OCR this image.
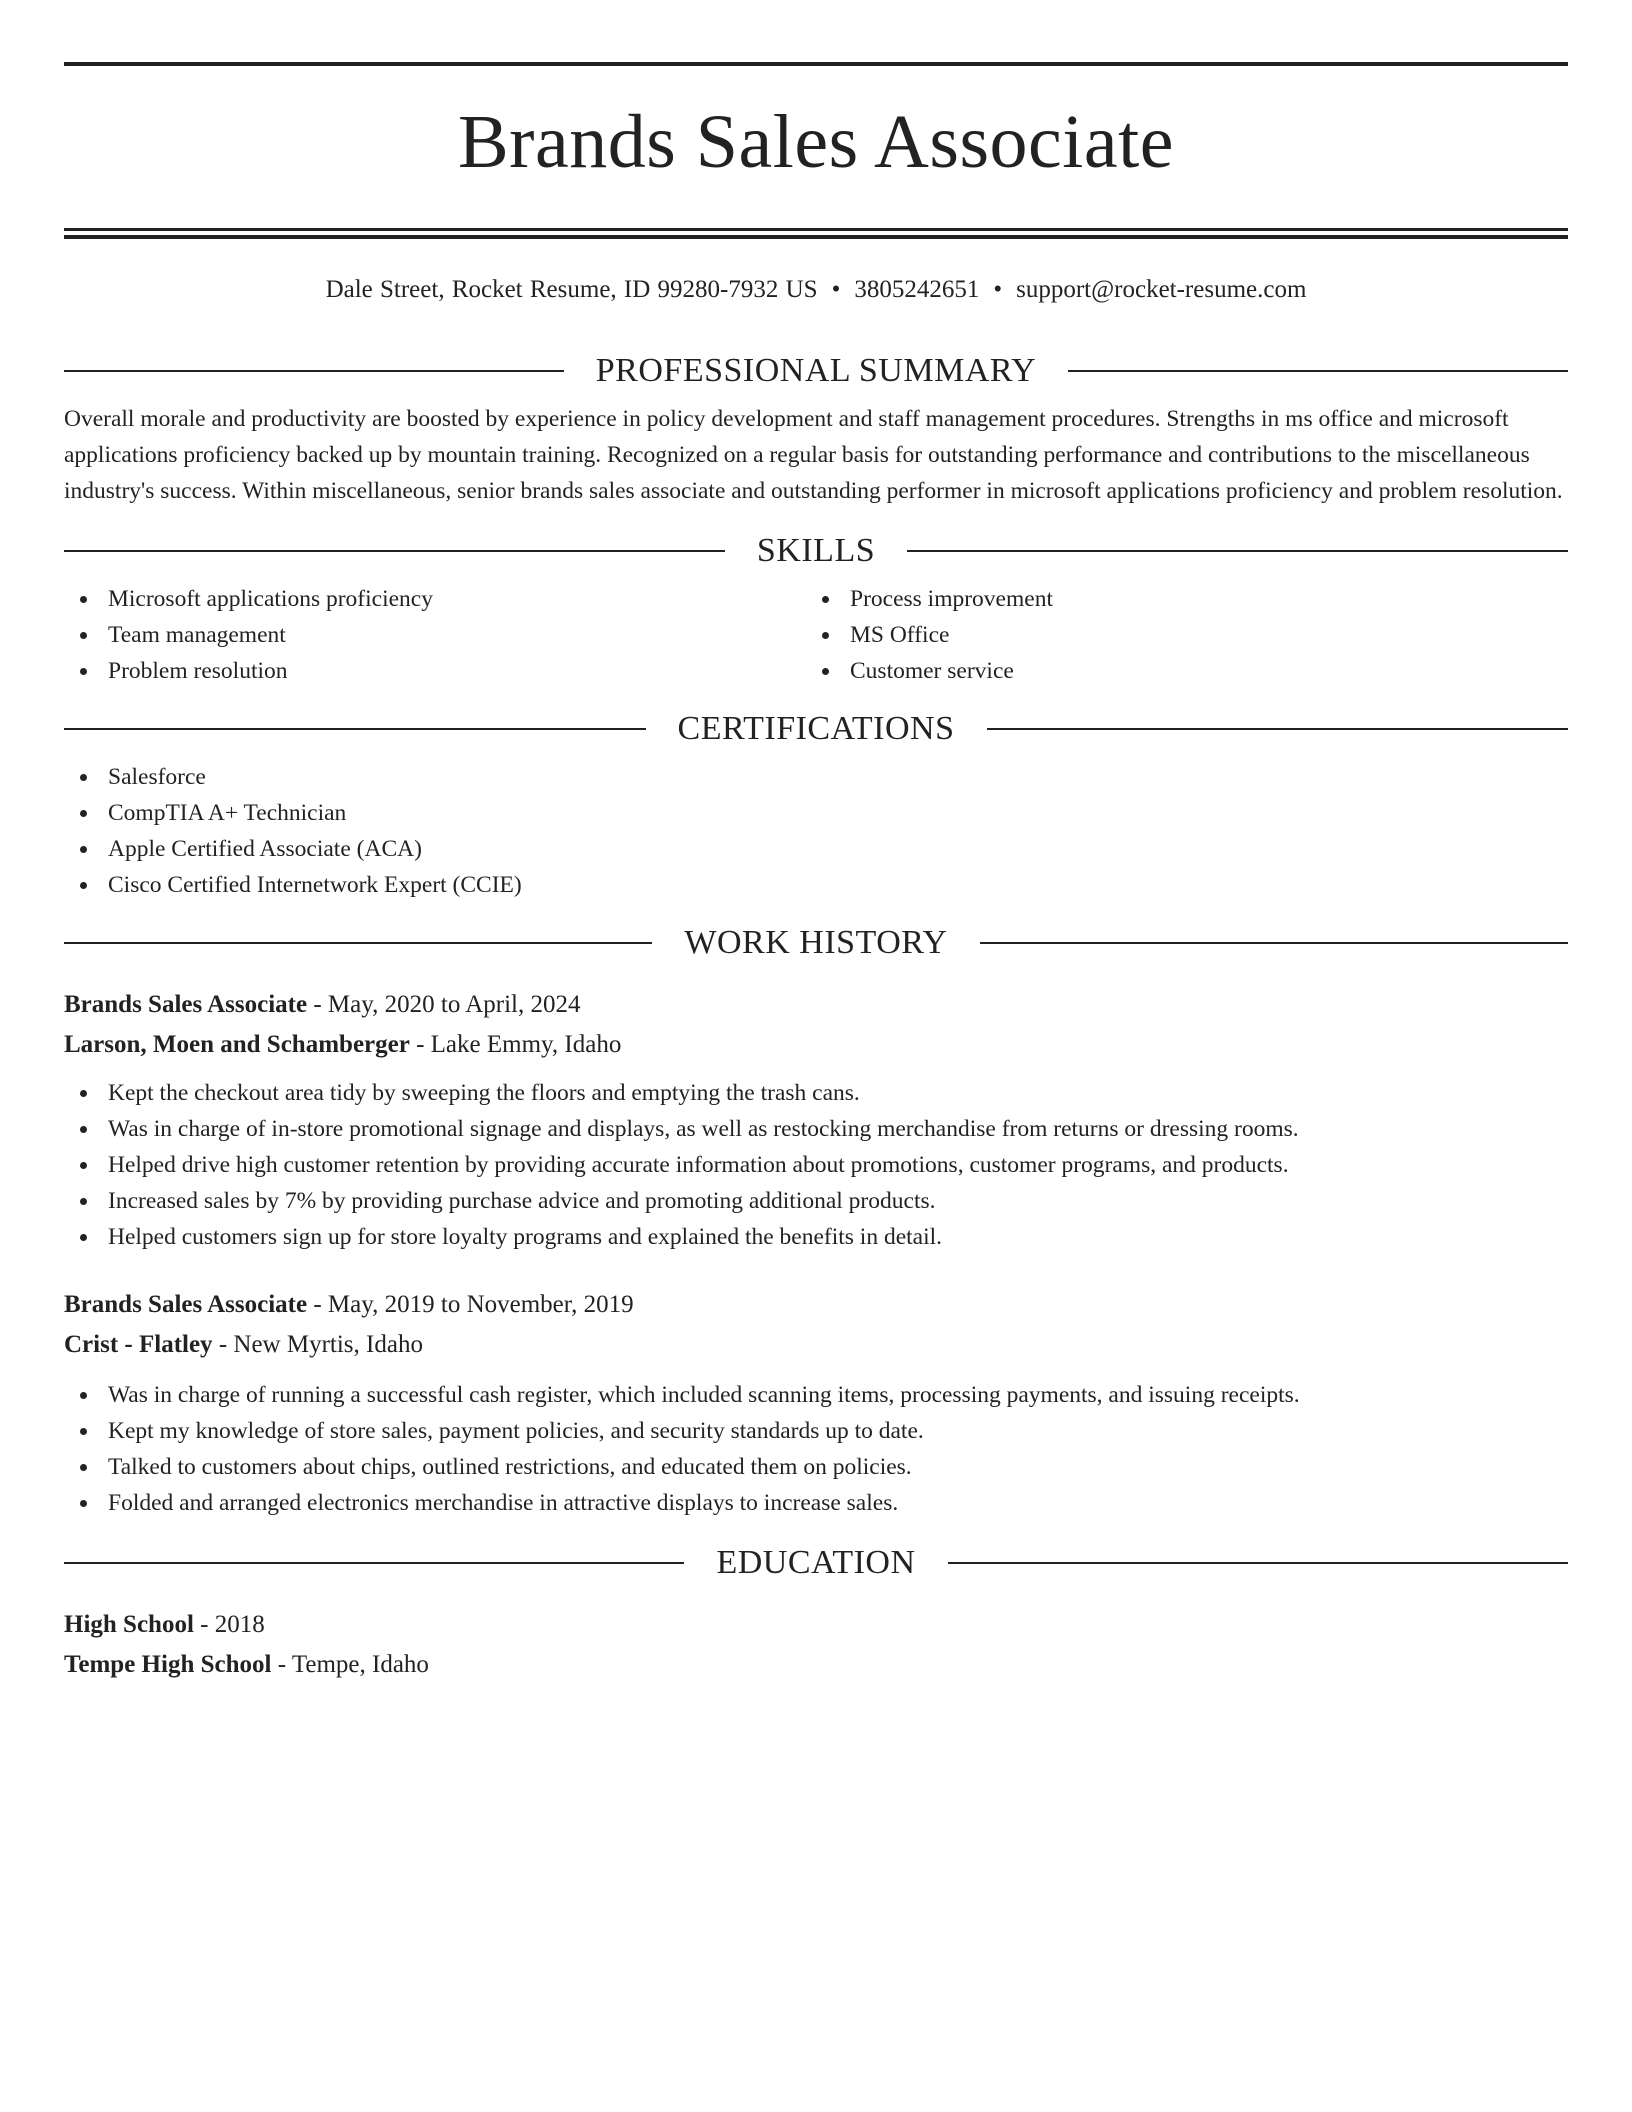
Brands Sales Associate
Dale Street, Rocket Resume, ID 99280-7932 US • 3805242651 • support@rocket-resume.com
PROFESSIONAL SUMMARY

Overall morale and productivity are boosted by experience in policy development and staff management procedures. Strengths in ms office and microsoft applications proficiency backed up by mountain training. Recognized on a regular basis for outstanding performance and contributions to the miscellaneous industry's success. Within miscellaneous, senior brands sales associate and outstanding performer in microsoft applications proficiency and problem resolution.

SKILLS
Microsoft applications proficiency
Team management
Problem resolution
Process improvement
MS Office
Customer service
CERTIFICATIONS
Salesforce
CompTIA A+ Technician
Apple Certified Associate (ACA)
Cisco Certified Internetwork Expert (CCIE)
WORK HISTORY
Brands Sales Associate - May, 2020 to April, 2024
Larson, Moen and Schamberger - Lake Emmy, Idaho
Kept the checkout area tidy by sweeping the floors and emptying the trash cans.
Was in charge of in-store promotional signage and displays, as well as restocking merchandise from returns or dressing rooms.
Helped drive high customer retention by providing accurate information about promotions, customer programs, and products.
Increased sales by 7% by providing purchase advice and promoting additional products.
Helped customers sign up for store loyalty programs and explained the benefits in detail.
Brands Sales Associate - May, 2019 to November, 2019
Crist - Flatley - New Myrtis, Idaho
Was in charge of running a successful cash register, which included scanning items, processing payments, and issuing receipts.
Kept my knowledge of store sales, payment policies, and security standards up to date.
Talked to customers about chips, outlined restrictions, and educated them on policies.
Folded and arranged electronics merchandise in attractive displays to increase sales.
EDUCATION
High School - 2018
Tempe High School - Tempe, Idaho
